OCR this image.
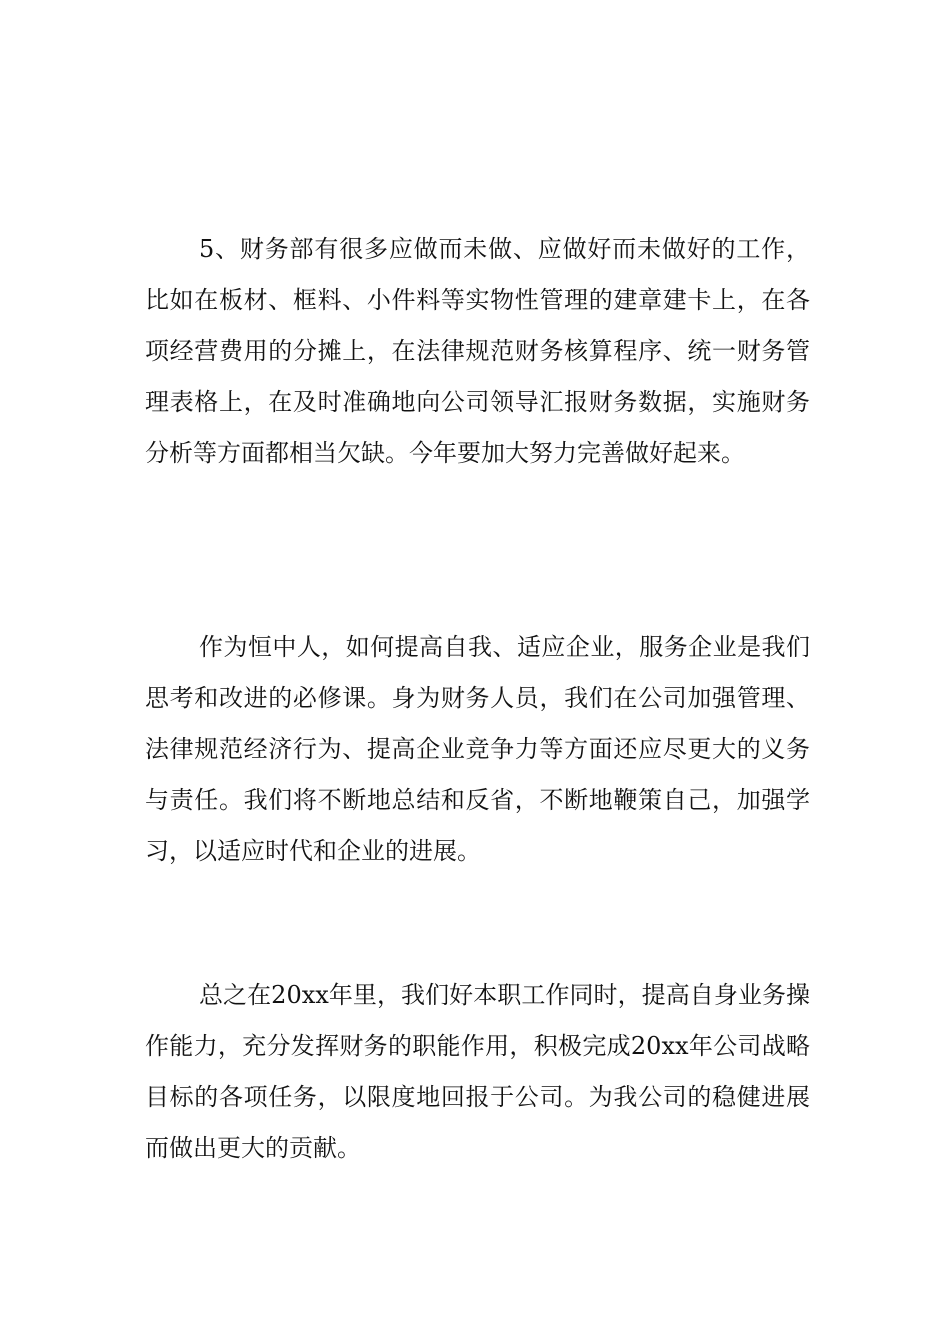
5、财务部有很多应做而未做、应做好而未做好的工作，比如在板材、框料、小件料等实物性管理的建章建卡上，在各项经营费用的分摊上，在法律规范财务核算程序、统一财务管理表格上，在及时准确地向公司领导汇报财务数据，实施财务分析等方面都相当欠缺。今年要加大努力完善做好起来。

作为恒中人，如何提高自我、适应企业，服务企业是我们思考和改进的必修课。身为财务人员，我们在公司加强管理、法律规范经济行为、提高企业竞争力等方面还应尽更大的义务与责任。我们将不断地总结和反省，不断地鞭策自己，加强学习，以适应时代和企业的进展。

总之在20xx年里，我们好本职工作同时，提高自身业务操作能力，充分发挥财务的职能作用，积极完成20xx年公司战略目标的各项任务，以限度地回报于公司。为我公司的稳健进展而做出更大的贡献。
